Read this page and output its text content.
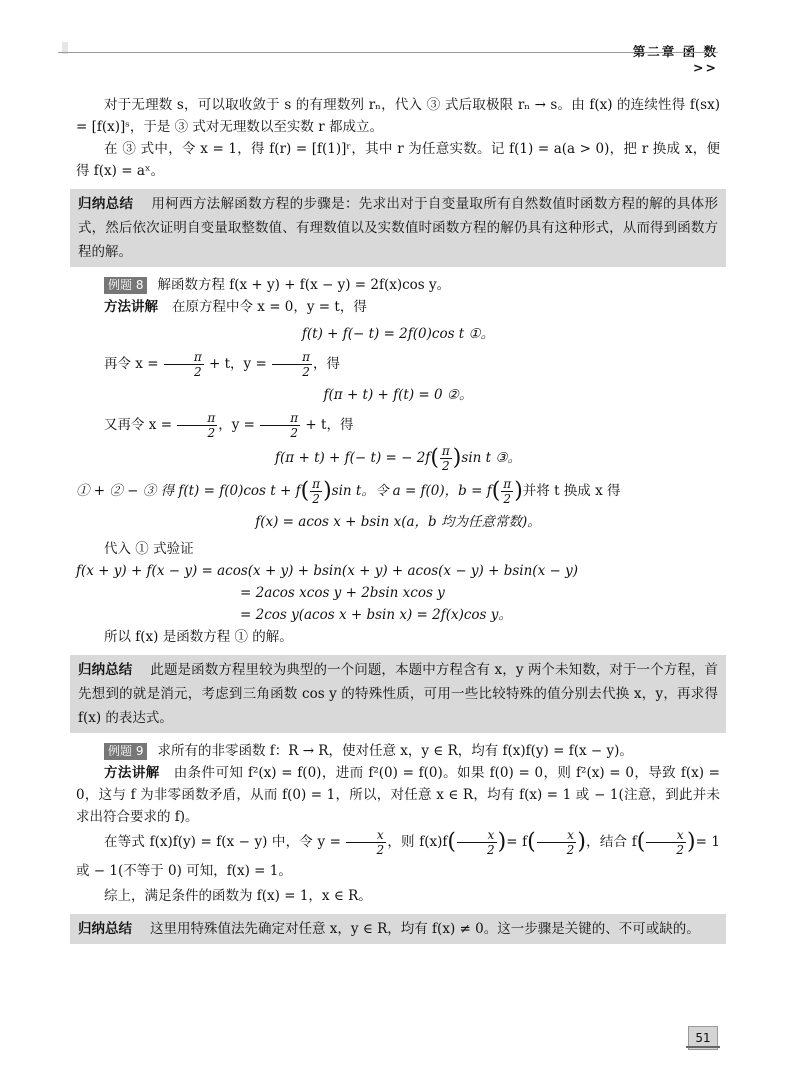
第二章 函 数 >>

对于无理数 s，可以取收敛于 s 的有理数列 rₙ，代入 ③ 式后取极限 rₙ → s。由 f(x) 的连续性得 f(sx) = [f(x)]ˢ，于是 ③ 式对无理数以至实数 r 都成立。

在 ③ 式中，令 x = 1，得 f(r) = [f(1)]ʳ，其中 r 为任意实数。记 f(1) = a(a > 0)，把 r 换成 x，便得 f(x) = aˣ。

归纳总结 用柯西方法解函数方程的步骤是：先求出对于自变量取所有自然数值时函数方程的解的具体形式，然后依次证明自变量取整数值、有理数值以及实数值时函数方程的解仍具有这种形式，从而得到函数方程的解。

例题 8 解函数方程 f(x + y) + f(x − y) = 2f(x)cos y。

方法讲解 在原方程中令 x = 0，y = t，得

f(t) + f(− t) = 2f(0)cos t ①。

再令 $x = \frac{\pi}{2} + t$，$y = \frac{\pi}{2}$ ，得

f(π + t) + f(t) = 0 ②。

又再令 $x = \frac{\pi}{2}$ ，$y = \frac{\pi}{2} + t$，得

f(π + t) + f(− t) = − $2f( \frac{\pi}{2} )\sin$ t ③。

① + ② − ③ 得 f(t) = f(0)cos $t + f( \frac{\pi}{2} )\sin$ t。令 a = f(0)，$b = f( \frac{\pi}{2}$ )并将 t 换成 x 得

f(x) = acos x + bsin x(a，b 均为任意常数)。

代入 ① 式验证

f(x + y) + f(x − y) = acos(x + y) + bsin(x + y) + acos(x − y) + bsin(x − y)

= 2acos xcos y + 2bsin xcos y

= 2cos y(acos x + bsin x) = 2f(x)cos y。

所以 f(x) 是函数方程 ① 的解。

归纳总结 此题是函数方程里较为典型的一个问题，本题中方程含有 x，y 两个未知数，对于一个方程，首先想到的就是消元，考虑到三角函数 cos y 的特殊性质，可用一些比较特殊的值分别去代换 x，y，再求得 f(x) 的表达式。

例题 9 求所有的非零函数 f：R → R，使对任意 x，y ∈ R，均有 f(x)f(y) = f(x − y)。

方法讲解 由条件可知 f²(x) = f(0)，进而 f²(0) = f(0)。如果 f(0) = 0，则 f²(x) = 0，导致 f(x) = 0，这与 f 为非零函数矛盾，从而 f(0) = 1，所以，对任意 x ∈ R，均有 f(x) = 1 或 − 1(注意，到此并未求出符合要求的 f)。

在等式 f(x)f(y) = f(x − y) 中，令 $y = \frac{x}{2}$ ，则 $f(x)f( \frac{x}{2}$ )= $f( \frac{x}{2}$ )，结合 $f( \frac{x}{2}$ )= 1 或 − 1(不等于 0) 可知，f(x) = 1。

综上，满足条件的函数为 f(x) = 1，x ∈ R。

归纳总结 这里用特殊值法先确定对任意 x，y ∈ R，均有 f(x) ≠ 0。这一步骤是关键的、不可或缺的。
51
